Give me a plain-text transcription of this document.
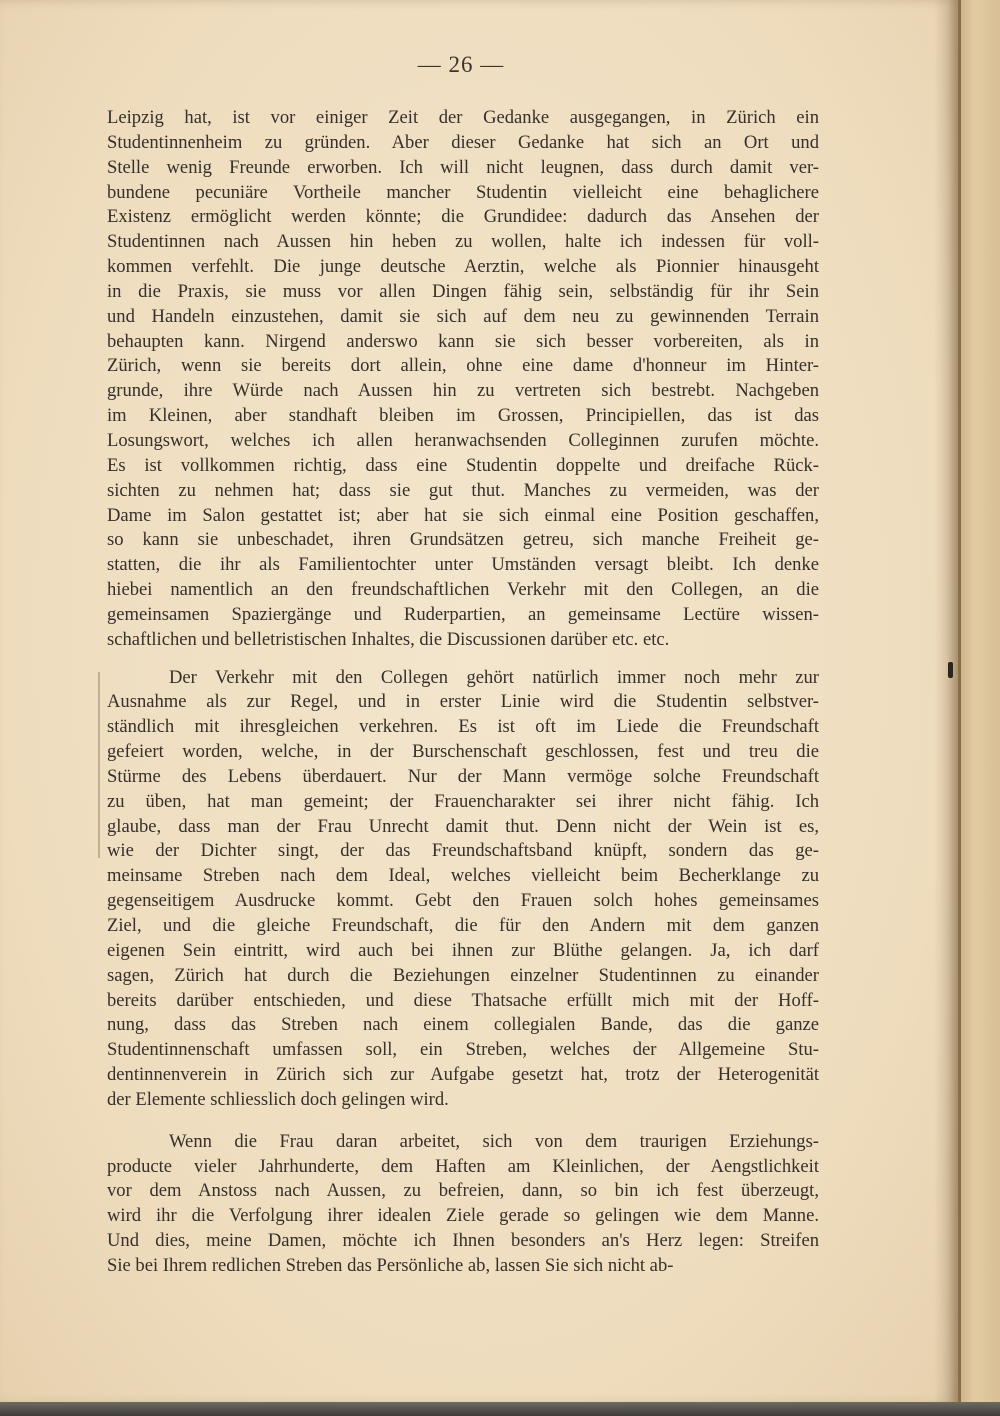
— 26 —
Leipzig hat, ist vor einiger Zeit der Gedanke ausgegangen, in Zürich ein
Studentinnenheim zu gründen. Aber dieser Gedanke hat sich an Ort und
Stelle wenig Freunde erworben. Ich will nicht leugnen, dass durch damit ver-
bundene pecuniäre Vortheile mancher Studentin vielleicht eine behaglichere
Existenz ermöglicht werden könnte; die Grundidee: dadurch das Ansehen der
Studentinnen nach Aussen hin heben zu wollen, halte ich indessen für voll-
kommen verfehlt. Die junge deutsche Aerztin, welche als Pionnier hinausgeht
in die Praxis, sie muss vor allen Dingen fähig sein, selbständig für ihr Sein
und Handeln einzustehen, damit sie sich auf dem neu zu gewinnenden Terrain
behaupten kann. Nirgend anderswo kann sie sich besser vorbereiten, als in
Zürich, wenn sie bereits dort allein, ohne eine dame d'honneur im Hinter-
grunde, ihre Würde nach Aussen hin zu vertreten sich bestrebt. Nachgeben
im Kleinen, aber standhaft bleiben im Grossen, Principiellen, das ist das
Losungswort, welches ich allen heranwachsenden Colleginnen zurufen möchte.
Es ist vollkommen richtig, dass eine Studentin doppelte und dreifache Rück-
sichten zu nehmen hat; dass sie gut thut. Manches zu vermeiden, was der
Dame im Salon gestattet ist; aber hat sie sich einmal eine Position geschaffen,
so kann sie unbeschadet, ihren Grundsätzen getreu, sich manche Freiheit ge-
statten, die ihr als Familientochter unter Umständen versagt bleibt. Ich denke
hiebei namentlich an den freundschaftlichen Verkehr mit den Collegen, an die
gemeinsamen Spaziergänge und Ruderpartien, an gemeinsame Lectüre wissen-
schaftlichen und belletristischen Inhaltes, die Discussionen darüber etc. etc.
Der Verkehr mit den Collegen gehört natürlich immer noch mehr zur
Ausnahme als zur Regel, und in erster Linie wird die Studentin selbstver-
ständlich mit ihresgleichen verkehren. Es ist oft im Liede die Freundschaft
gefeiert worden, welche, in der Burschenschaft geschlossen, fest und treu die
Stürme des Lebens überdauert. Nur der Mann vermöge solche Freundschaft
zu üben, hat man gemeint; der Frauencharakter sei ihrer nicht fähig. Ich
glaube, dass man der Frau Unrecht damit thut. Denn nicht der Wein ist es,
wie der Dichter singt, der das Freundschaftsband knüpft, sondern das ge-
meinsame Streben nach dem Ideal, welches vielleicht beim Becherklange zu
gegenseitigem Ausdrucke kommt. Gebt den Frauen solch hohes gemeinsames
Ziel, und die gleiche Freundschaft, die für den Andern mit dem ganzen
eigenen Sein eintritt, wird auch bei ihnen zur Blüthe gelangen. Ja, ich darf
sagen, Zürich hat durch die Beziehungen einzelner Studentinnen zu einander
bereits darüber entschieden, und diese Thatsache erfüllt mich mit der Hoff-
nung, dass das Streben nach einem collegialen Bande, das die ganze
Studentinnenschaft umfassen soll, ein Streben, welches der Allgemeine Stu-
dentinnenverein in Zürich sich zur Aufgabe gesetzt hat, trotz der Heterogenität
der Elemente schliesslich doch gelingen wird.
Wenn die Frau daran arbeitet, sich von dem traurigen Erziehungs-
producte vieler Jahrhunderte, dem Haften am Kleinlichen, der Aengstlichkeit
vor dem Anstoss nach Aussen, zu befreien, dann, so bin ich fest überzeugt,
wird ihr die Verfolgung ihrer idealen Ziele gerade so gelingen wie dem Manne.
Und dies, meine Damen, möchte ich Ihnen besonders an's Herz legen: Streifen
Sie bei Ihrem redlichen Streben das Persönliche ab, lassen Sie sich nicht ab-
